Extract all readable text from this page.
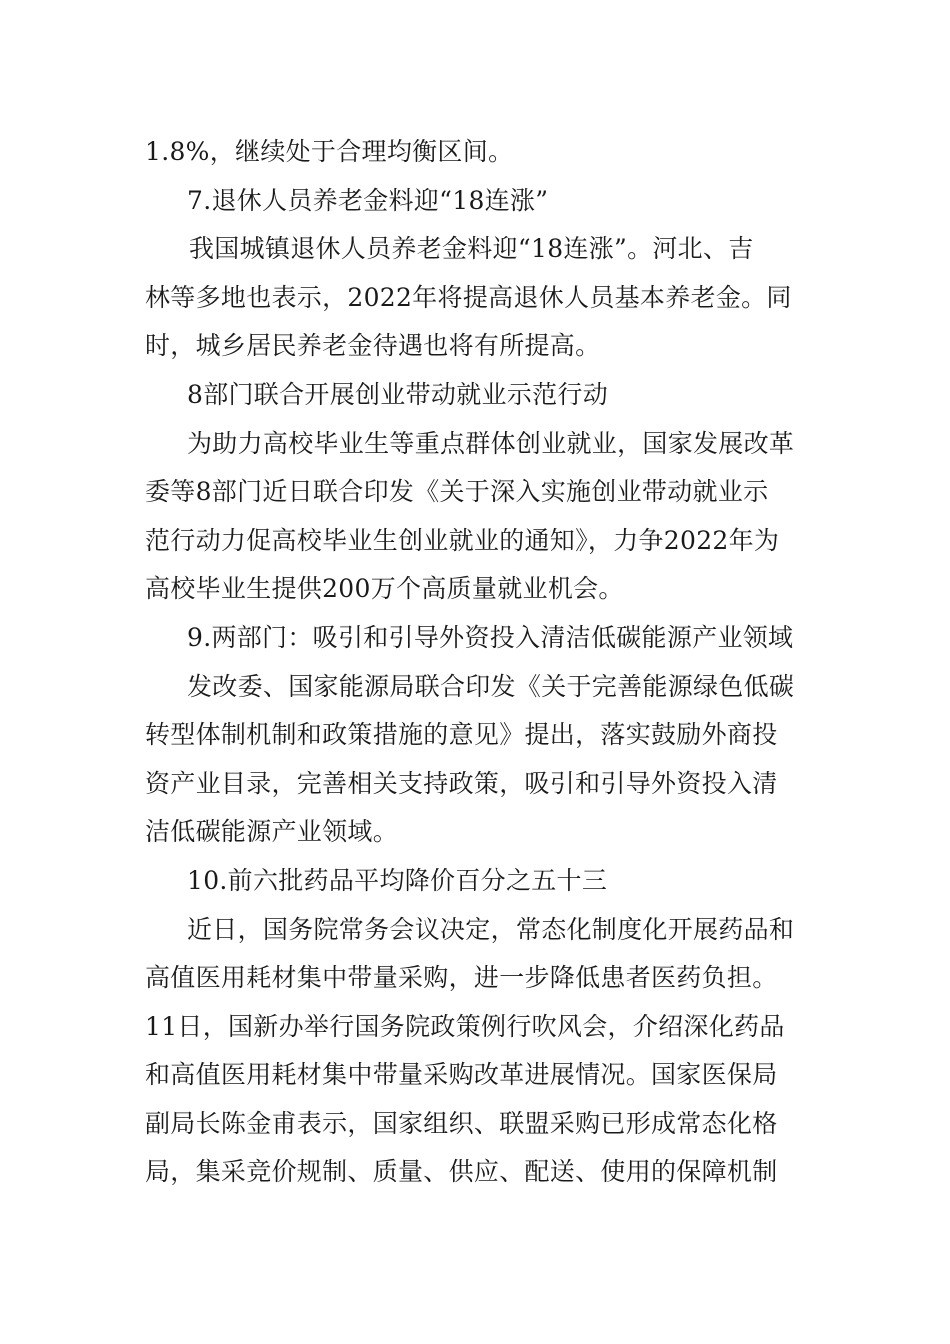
1.8%，继续处于合理均衡区间。
7.退休人员养老金料迎“18连涨”
我国城镇退休人员养老金料迎“18连涨”。河北、吉
林等多地也表示，2022年将提高退休人员基本养老金。同
时，城乡居民养老金待遇也将有所提高。
8部门联合开展创业带动就业示范行动
为助力高校毕业生等重点群体创业就业，国家发展改革
委等8部门近日联合印发《关于深入实施创业带动就业示
范行动力促高校毕业生创业就业的通知》，力争2022年为
高校毕业生提供200万个高质量就业机会。
9.两部门：吸引和引导外资投入清洁低碳能源产业领域
发改委、国家能源局联合印发《关于完善能源绿色低碳
转型体制机制和政策措施的意见》提出，落实鼓励外商投
资产业目录，完善相关支持政策，吸引和引导外资投入清
洁低碳能源产业领域。
10.前六批药品平均降价百分之五十三
近日，国务院常务会议决定，常态化制度化开展药品和
高值医用耗材集中带量采购，进一步降低患者医药负担。
11日，国新办举行国务院政策例行吹风会，介绍深化药品
和高值医用耗材集中带量采购改革进展情况。国家医保局
副局长陈金甫表示，国家组织、联盟采购已形成常态化格
局，集采竞价规制、质量、供应、配送、使用的保障机制
